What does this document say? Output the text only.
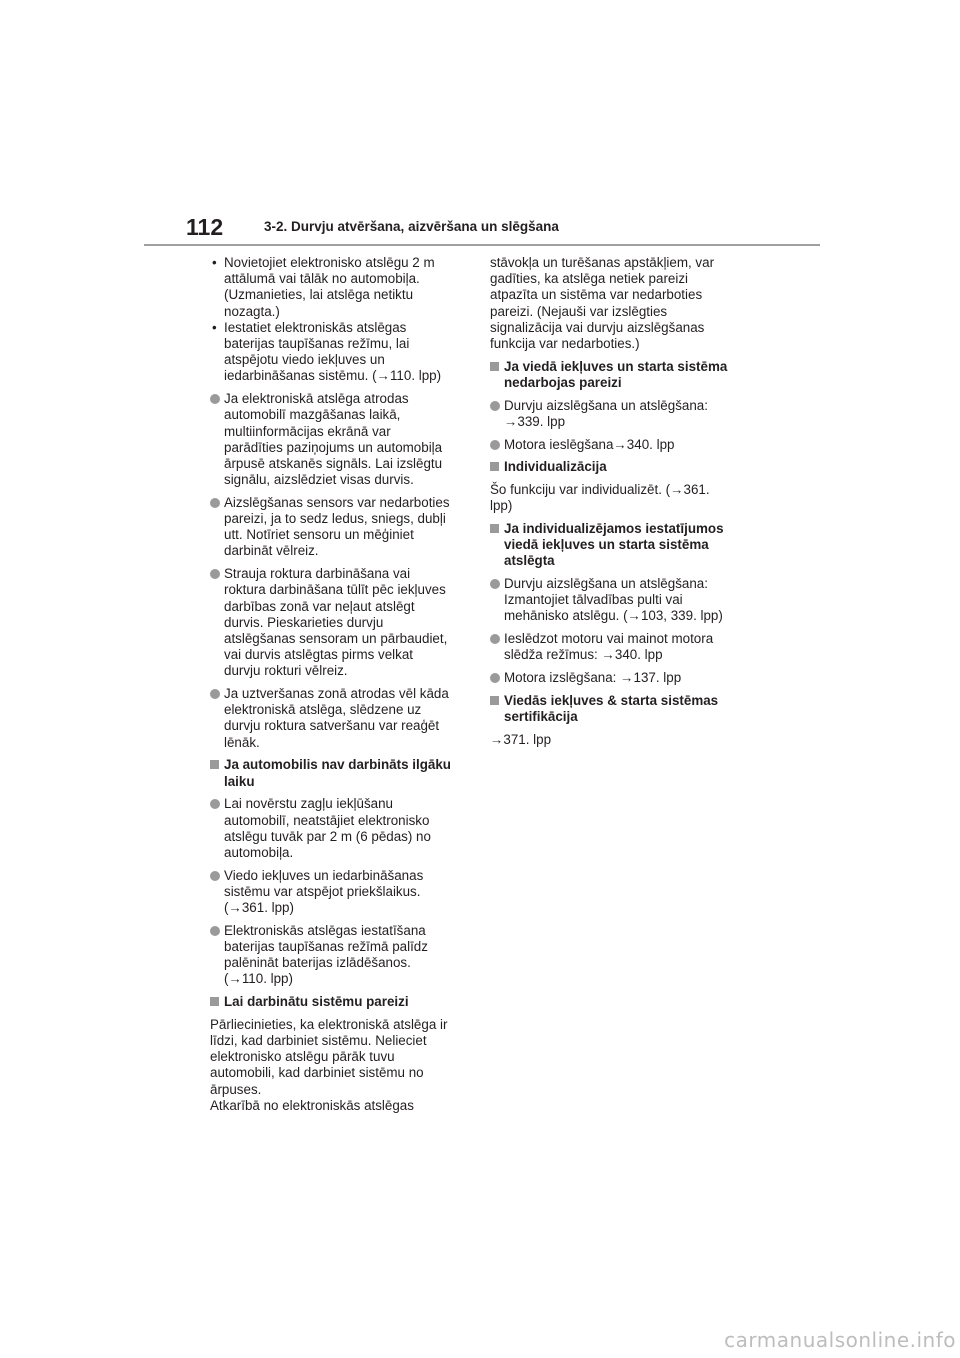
112	3-2. Durvju atvēršana, aizvēršana un slēgšana
• Novietojiet elektronisko atslēgu 2 m
attālumā vai tālāk no automobiļa.
(Uzmanieties, lai atslēga netiktu
nozagta.)
• Iestatiet elektroniskās atslēgas
baterijas taupīšanas režīmu, lai
atspējotu viedo iekļuves un
iedarbināšanas sistēmu. (→110. lpp)
Ja elektroniskā atslēga atrodas
automobilī mazgāšanas laikā,
multiinformācijas ekrānā var
parādīties paziņojums un automobiļa
ārpusē atskanēs signāls. Lai izslēgtu
signālu, aizslēdziet visas durvis.
Aizslēgšanas sensors var nedarboties
pareizi, ja to sedz ledus, sniegs, dubļi
utt. Notīriet sensoru un mēģiniet
darbināt vēlreiz.
Strauja roktura darbināšana vai
roktura darbināšana tūlīt pēc iekļuves
darbības zonā var neļaut atslēgt
durvis. Pieskarieties durvju
atslēgšanas sensoram un pārbaudiet,
vai durvis atslēgtas pirms velkat
durvju rokturi vēlreiz.
Ja uztveršanas zonā atrodas vēl kāda
elektroniskā atslēga, slēdzene uz
durvju roktura satveršanu var reaģēt
lēnāk.
Ja automobilis nav darbināts ilgāku
laiku
Lai novērstu zagļu iekļūšanu
automobilī, neatstājiet elektronisko
atslēgu tuvāk par 2 m (6 pēdas) no
automobiļa.
Viedo iekļuves un iedarbināšanas
sistēmu var atspējot priekšlaikus.
(→361. lpp)
Elektroniskās atslēgas iestatīšana
baterijas taupīšanas režīmā palīdz
palēnināt baterijas izlādēšanos.
(→110. lpp)
Lai darbinātu sistēmu pareizi
Pārliecinieties, ka elektroniskā atslēga ir
līdzi, kad darbiniet sistēmu. Nelieciet
elektronisko atslēgu pārāk tuvu
automobili, kad darbiniet sistēmu no
ārpuses.
Atkarībā no elektroniskās atslēgas
stāvokļa un turēšanas apstākļiem, var
gadīties, ka atslēga netiek pareizi
atpazīta un sistēma var nedarboties
pareizi. (Nejauši var izslēgties
signalizācija vai durvju aizslēgšanas
funkcija var nedarboties.)
Ja viedā iekļuves un starta sistēma
nedarbojas pareizi
Durvju aizslēgšana un atslēgšana:
→339. lpp
Motora ieslēgšana→340. lpp
Individualizācija
Šo funkciju var individualizēt. (→361.
lpp)
Ja individualizējamos iestatījumos
viedā iekļuves un starta sistēma
atslēgta
Durvju aizslēgšana un atslēgšana:
Izmantojiet tālvadības pulti vai
mehānisko atslēgu. (→103, 339. lpp)
Ieslēdzot motoru vai mainot motora
slēdža režīmus: →340. lpp
Motora izslēgšana: →137. lpp
Viedās iekļuves & starta sistēmas
sertifikācija
→371. lpp
carmanualsonline.info
